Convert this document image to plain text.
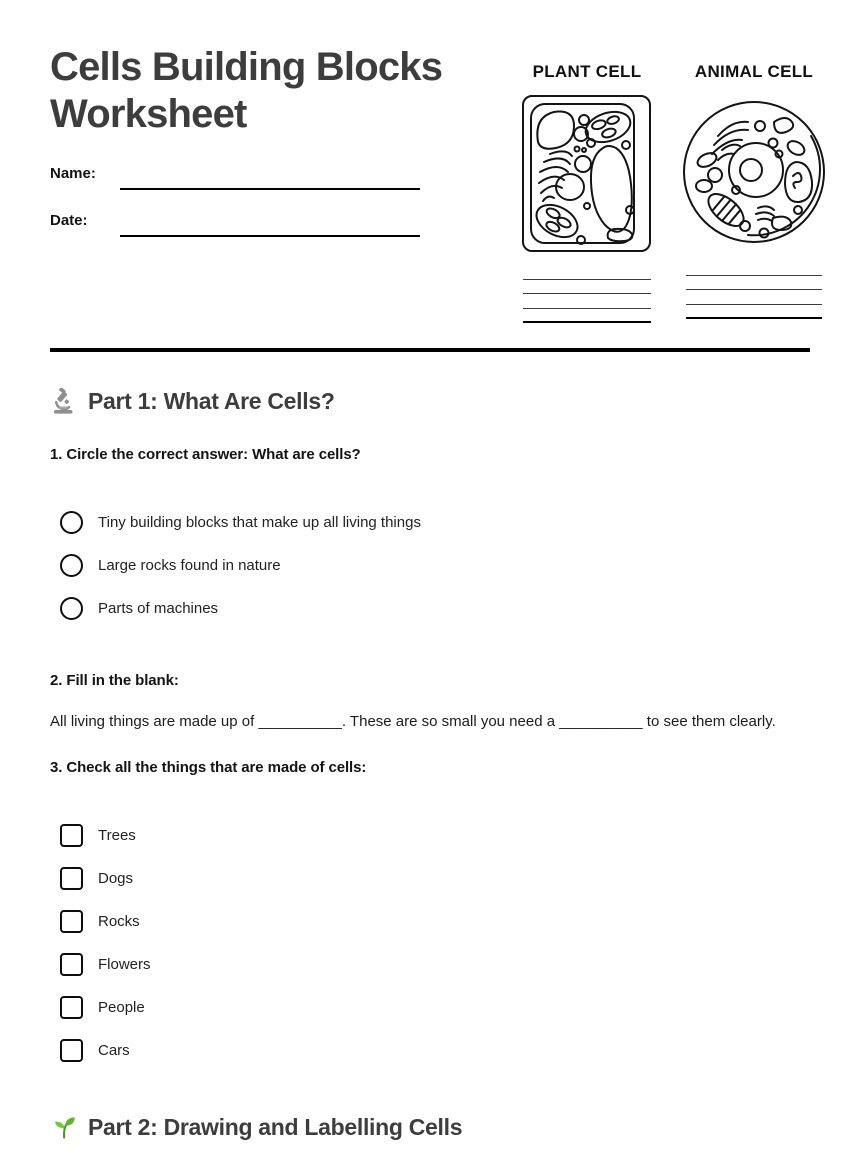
Cells Building Blocks Worksheet
Name:
Date:
PLANT CELL	ANIMAL CELL
Part 1: What Are Cells?
1. Circle the correct answer: What are cells?
Tiny building blocks that make up all living things
Large rocks found in nature
Parts of machines
2. Fill in the blank:
All living things are made up of __________. These are so small you need a __________ to see them clearly.
3. Check all the things that are made of cells:
Trees
Dogs
Rocks
Flowers
People
Cars
Part 2: Drawing and Labelling Cells
